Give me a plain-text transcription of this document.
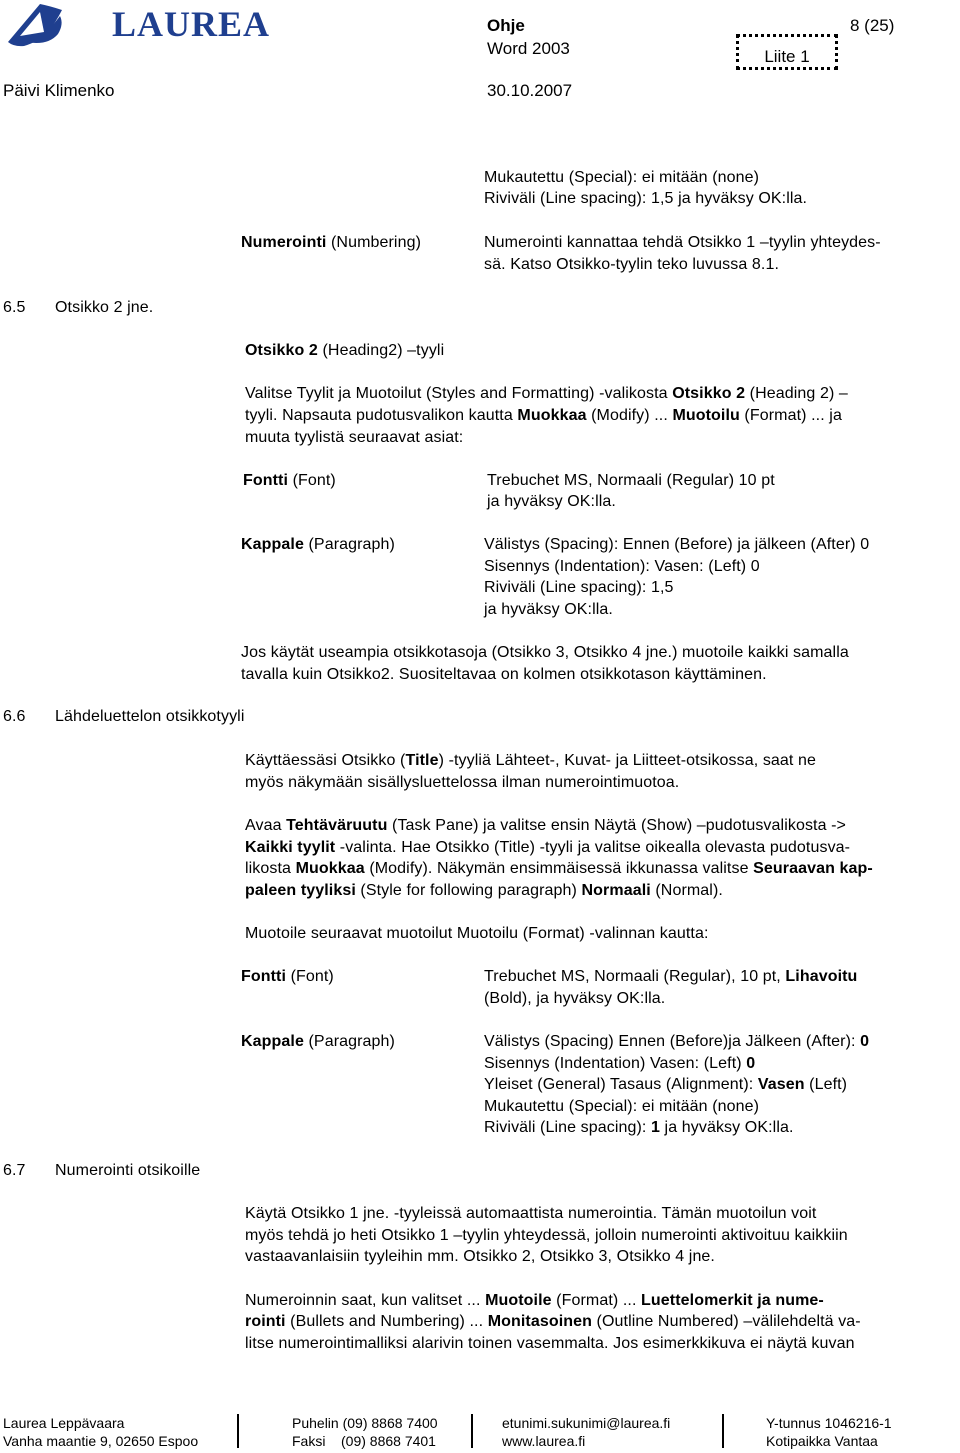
LAUREA	Ohje
Word 2003
8 (25)
Liite 1
Päivi Klimenko	30.10.2007
Mukautettu (Special): ei mitään (none)
Riviväli (Line spacing): 1,5 ja hyväksy OK:lla.
Numerointi (Numbering)	Numerointi kannattaa tehdä Otsikko 1 –tyylin yhteydes-
sä. Katso Otsikko-tyylin teko luvussa 8.1.
6.5 Otsikko 2 jne.
Otsikko 2 (Heading2) –tyyli
Valitse Tyylit ja Muotoilut (Styles and Formatting) -valikosta Otsikko 2 (Heading 2) –
tyyli. Napsauta pudotusvalikon kautta Muokkaa (Modify) ... Muotoilu (Format) ... ja
muuta tyylistä seuraavat asiat:
Fontti (Font)	Trebuchet MS, Normaali (Regular) 10 pt
ja hyväksy OK:lla.
Kappale (Paragraph)	Välistys (Spacing): Ennen (Before) ja jälkeen (After) 0
Sisennys (Indentation): Vasen: (Left) 0
Riviväli (Line spacing): 1,5
ja hyväksy OK:lla.
Jos käytät useampia otsikkotasoja (Otsikko 3, Otsikko 4 jne.) muotoile kaikki samalla
tavalla kuin Otsikko2. Suositeltavaa on kolmen otsikkotason käyttäminen.
6.6 Lähdeluettelon otsikkotyyli
Käyttäessäsi Otsikko (Title) -tyyliä Lähteet-, Kuvat- ja Liitteet-otsikossa, saat ne
myös näkymään sisällysluettelossa ilman numerointimuotoa.
Avaa Tehtäväruutu (Task Pane) ja valitse ensin Näytä (Show) –pudotusvalikosta ->
Kaikki tyylit -valinta. Hae Otsikko (Title) -tyyli ja valitse oikealla olevasta pudotusva-
likosta Muokkaa (Modify). Näkymän ensimmäisessä ikkunassa valitse Seuraavan kap-
paleen tyyliksi (Style for following paragraph) Normaali (Normal).
Muotoile seuraavat muotoilut Muotoilu (Format) -valinnan kautta:
Fontti (Font)	Trebuchet MS, Normaali (Regular), 10 pt, Lihavoitu
(Bold), ja hyväksy OK:lla.
Kappale (Paragraph)	Välistys (Spacing) Ennen (Before)ja Jälkeen (After): 0
Sisennys (Indentation) Vasen: (Left) 0
Yleiset (General) Tasaus (Alignment): Vasen (Left)
Mukautettu (Special): ei mitään (none)
Riviväli (Line spacing): 1 ja hyväksy OK:lla.
6.7 Numerointi otsikoille
Käytä Otsikko 1 jne. -tyyleissä automaattista numerointia. Tämän muotoilun voit
myös tehdä jo heti Otsikko 1 –tyylin yhteydessä, jolloin numerointi aktivoituu kaikkiin
vastaavanlaisiin tyyleihin mm. Otsikko 2, Otsikko 3, Otsikko 4 jne.
Numeroinnin saat, kun valitset ... Muotoile (Format) ... Luettelomerkit ja nume-
rointi (Bullets and Numbering) ... Monitasoinen (Outline Numbered) –välilehdeltä va-
litse numerointimalliksi alarivin toinen vasemmalta. Jos esimerkkikuva ei näytä kuvan
Laurea Leppävaara
Vanha maantie 9, 02650 Espoo
Puhelin (09) 8868 7400
Faksi    (09) 8868 7401
etunimi.sukunimi@laurea.fi
www.laurea.fi
Y-tunnus 1046216-1
Kotipaikka Vantaa
